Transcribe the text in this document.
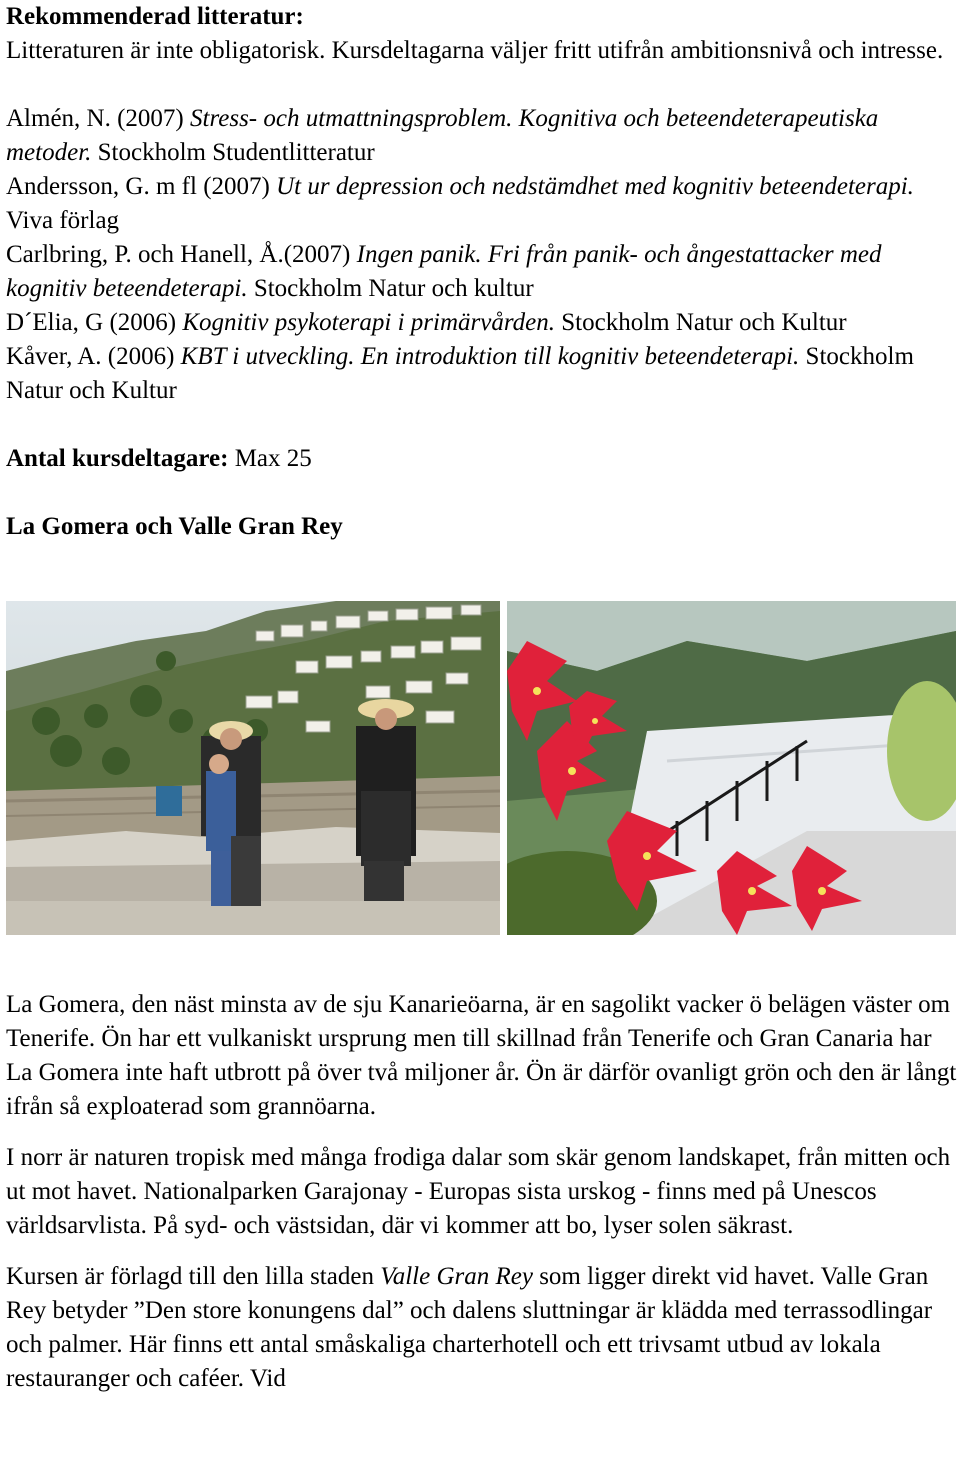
Rekommenderad litteratur:

Litteraturen är inte obligatorisk. Kursdeltagarna väljer fritt utifrån ambitionsnivå och intresse.

Almén, N. (2007) Stress- och utmattningsproblem. Kognitiva och beteendeterapeutiska metoder. Stockholm Studentlitteratur

Andersson, G. m fl (2007) Ut ur depression och nedstämdhet med kognitiv beteendeterapi. Viva förlag

Carlbring, P. och Hanell, Å.(2007) Ingen panik. Fri från panik- och ångestattacker med kognitiv beteendeterapi. Stockholm Natur och kultur

D´Elia, G (2006) Kognitiv psykoterapi i primärvården. Stockholm Natur och Kultur

Kåver, A. (2006) KBT i utveckling. En introduktion till kognitiv beteendeterapi. Stockholm Natur och Kultur

Antal kursdeltagare: Max 25

La Gomera och Valle Gran Rey

La Gomera, den näst minsta av de sju Kanarieöarna, är en sagolikt vacker ö belägen väster om Tenerife. Ön har ett vulkaniskt ursprung men till skillnad från Tenerife och Gran Canaria har La Gomera inte haft utbrott på över två miljoner år. Ön är därför ovanligt grön och den är långt ifrån så exploaterad som grannöarna.

I norr är naturen tropisk med många frodiga dalar som skär genom landskapet, från mitten och ut mot havet. Nationalparken Garajonay - Europas sista urskog - finns med på Unescos världsarvlista. På syd- och västsidan, där vi kommer att bo, lyser solen säkrast.

Kursen är förlagd till den lilla staden Valle Gran Rey som ligger direkt vid havet. Valle Gran Rey betyder ”Den store konungens dal” och dalens sluttningar är klädda med terrassodlingar och palmer. Här finns ett antal småskaliga charterhotell och ett trivsamt utbud av lokala restauranger och caféer. Vid
